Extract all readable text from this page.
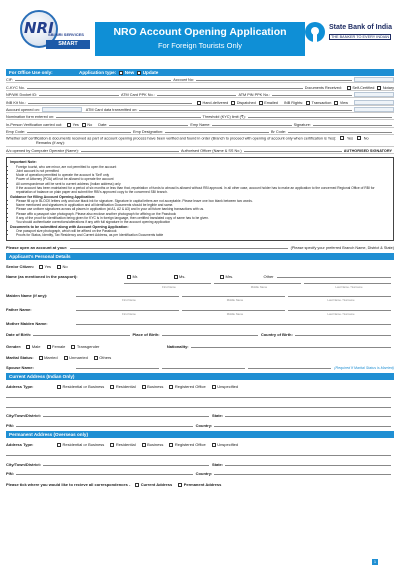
NRI
SBI NRI SERVICES
SMART BANKING
NRO Account Opening Application
For Foreign Tourists Only
State Bank of India
THE BANKER TO EVERY INDIAN
For Office Use only:	Application type: New Update
CIF:	Account No:
C-KYC No.	Documents Received:	Self-Certified Notary
NP/WK Docket ID:	ATM Card PPK No.:	ATM PIN PPK No.:
INB Kit No.:	Hand-delivered Dispatched Emailed INB Rights: Transaction View
Account opened on:	ATM Card data transmitted on:
Nomination form entered on:	Threshold (KYC) limit (₹):
In-Person Verification carried out:	Yes No Date:	Emp Name:	Signature:
Emp Code:	Emp Designation:	Br Code:
Whether self certification & documents received as part of account opening process have been verified and found in order (Branch to proceed with opening of account only when certification is Yes):	Yes	No Remarks (if any):
A/c opened by Computer Operator (Name):	Authorised Officer (Name & SS No.)	AUTHORISED SIGNATORY
Important Note:
• Foreign tourist, who are minor, are not permitted to open the account
• Joint account is not permitted
• Mode of operation permitted to operate the account is 'Self' only
• Power of Attorney (POA) will not be allowed to operate the account
• All correspondence will be sent to current address (Indian address) only
• If the account has been maintained for a period of six months or less than that, repatriation of funds to abroad is allowed without RBI approval. In all other case, account holder has to make an application to the concerned Regional Office of RBI for repatriation of balance on plain paper and submit the RBI's approved copy to the concerned SBI branch.
Guidance for filling Account Opening Application:
• Please fill up in BLOCK letters only and use black ink for signature. Signature in capital letters are not acceptable. Please leave one box blank between two words.
• Name mentioned and signatures in application and all identification Documents should be legible and same.
• Please use uniform signatures across all places in application (at A1, A2 & A3) and in your all future banking transactions with us.
• Please affix a passport size photograph. Please also enclose another photograph for affixing on the Passbook
• If any of the proof for identification being given for KYC is in foreign language, then certified translated copy of same has to be given.
• You should authenticate corrections/alterations if any with full signature in the account opening application
Documents to be submitted along with Account Opening Application:
• One passport size photograph, which will be affixed on the Passbook
• Proofs for Status, Identity, Tax Residency and Current Address, as per Identification Documents table
Please open an account at your:	(Please specify your preferred Branch Name, District & State)
Applicant's Personal Details
Senior Citizen:	Yes	No
Name (as mentioned in the passport):	Mr.	Ms.	Mrs.	Other
First Name	Middle Name	Last Name / Surname
Maiden Name (if any):
First Name	Middle Name	Last Name / Surname
Father Name:
First Name	Middle Name	Last Name / Surname
Mother Maiden Name:
Date of Birth:	Place of Birth:	Country of Birth:
Gender:	Male	Female	Transgender	Nationality:
Marital Status:	Married	Unmarried	Others
Spouse Name:	(Required If Marital Status is Married)
Current Address (Indian Only)
Address Type:	Residential or Business	Residential	Business	Registered Office	Unspecified
City/Town/District:	State:
PIN:	Country:
Permanent Address (Overseas only)
Address Type:	Residential or Business	Residential	Business	Registered Office	Unspecified
City/Town/District:	State:
PIN:	Country:
Please tick where you would like to recieve all correspondences -	Current Address	Permanent Address
1
